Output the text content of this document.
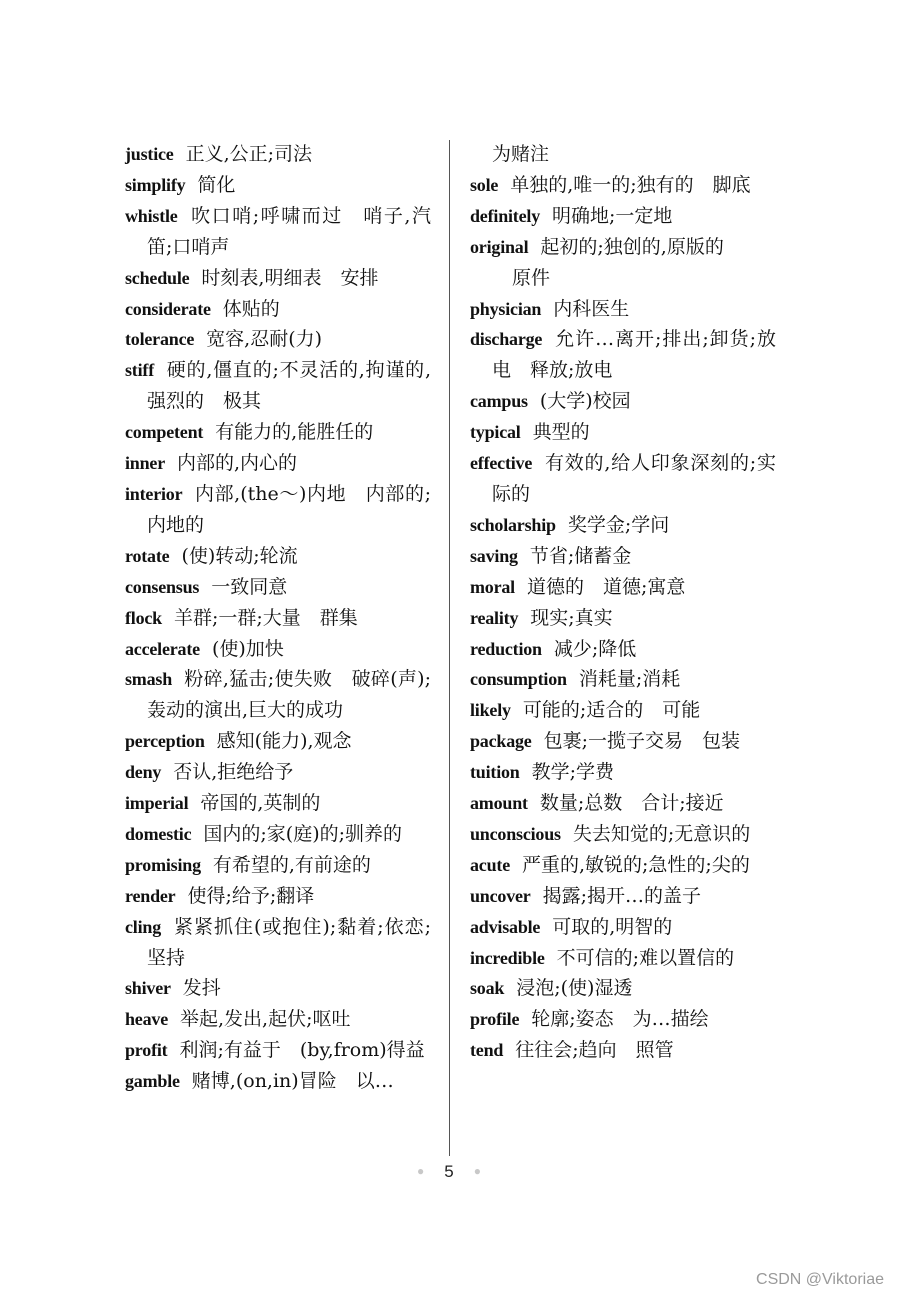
justice 正义,公正;司法
simplify 简化
whistle 吹口哨;呼啸而过　哨子,汽笛;口哨声
schedule 时刻表,明细表　安排
considerate 体贴的
tolerance 宽容,忍耐(力)
stiff 硬的,僵直的;不灵活的,拘谨的,强烈的　极其
competent 有能力的,能胜任的
inner 内部的,内心的
interior 内部,(the～)内地　内部的;内地的
rotate (使)转动;轮流
consensus 一致同意
flock 羊群;一群;大量　群集
accelerate (使)加快
smash 粉碎,猛击;使失败　破碎(声);轰动的演出,巨大的成功
perception 感知(能力),观念
deny 否认,拒绝给予
imperial 帝国的,英制的
domestic 国内的;家(庭)的;驯养的
promising 有希望的,有前途的
render 使得;给予;翻译
cling 紧紧抓住(或抱住);黏着;依恋;坚持
shiver 发抖
heave 举起,发出,起伏;呕吐
profit 利润;有益于　(by,from)得益
gamble 赌博,(on,in)冒险　以…
为赌注
sole 单独的,唯一的;独有的　脚底
definitely 明确地;一定地
original 起初的;独创的,原版的
原件
physician 内科医生
discharge 允许…离开;排出;卸货;放电　释放;放电
campus (大学)校园
typical 典型的
effective 有效的,给人印象深刻的;实际的
scholarship 奖学金;学问
saving 节省;储蓄金
moral 道德的　道德;寓意
reality 现实;真实
reduction 减少;降低
consumption 消耗量;消耗
likely 可能的;适合的　可能
package 包裹;一揽子交易　包装
tuition 教学;学费
amount 数量;总数　合计;接近
unconscious 失去知觉的;无意识的
acute 严重的,敏锐的;急性的;尖的
uncover 揭露;揭开…的盖子
advisable 可取的,明智的
incredible 不可信的;难以置信的
soak 浸泡;(使)湿透
profile 轮廓;姿态　为…描绘
tend 往往会;趋向　照管
● 5 ●
CSDN @Viktoriae
